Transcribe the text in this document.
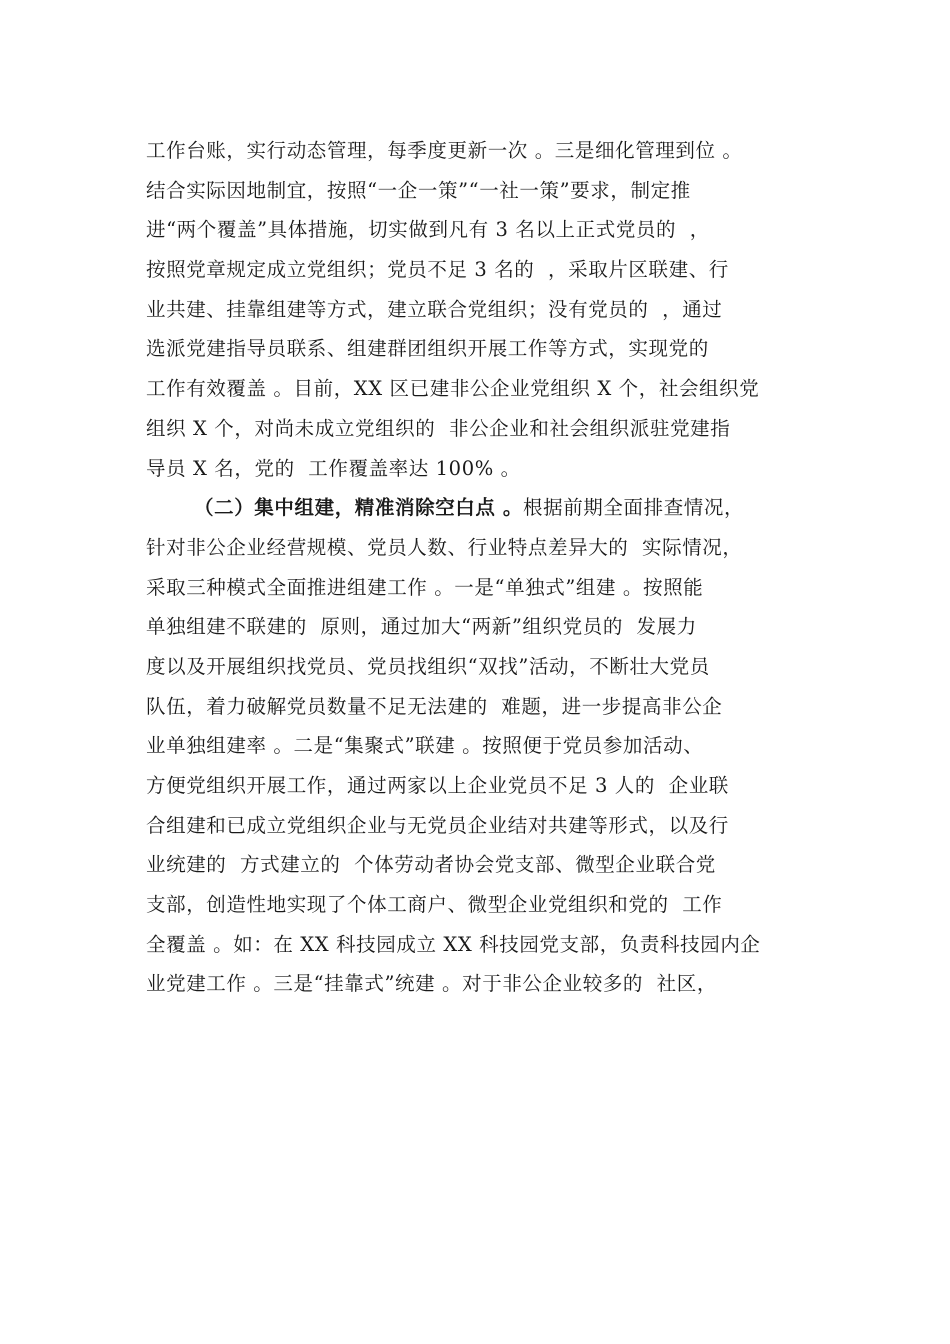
工作台账，实行动态管理，每季度更新一次 。三是细化管理到位 。
结合实际因地制宜，按照“一企一策”“一社一策”要求，制定推
进“两个覆盖”具体措施，切实做到凡有 3 名以上正式党员的  ，
按照党章规定成立党组织；党员不足 3 名的  ，采取片区联建、行
业共建、挂靠组建等方式，建立联合党组织；没有党员的  ，通过
选派党建指导员联系、组建群团组织开展工作等方式，实现党的
工作有效覆盖 。目前，XX 区已建非公企业党组织 X 个，社会组织党
组织 X 个，对尚未成立党组织的  非公企业和社会组织派驻党建指
导员 X 名，党的  工作覆盖率达 100% 。
（二）集中组建，精准消除空白点 。根据前期全面排查情况，
针对非公企业经营规模、党员人数、行业特点差异大的  实际情况，
采取三种模式全面推进组建工作 。一是“单独式”组建 。按照能
单独组建不联建的  原则，通过加大“两新”组织党员的  发展力
度以及开展组织找党员、党员找组织“双找”活动，不断壮大党员
队伍，着力破解党员数量不足无法建的  难题，进一步提高非公企
业单独组建率 。二是“集聚式”联建 。按照便于党员参加活动、
方便党组织开展工作，通过两家以上企业党员不足 3 人的  企业联
合组建和已成立党组织企业与无党员企业结对共建等形式，以及行
业统建的  方式建立的  个体劳动者协会党支部、微型企业联合党
支部，创造性地实现了个体工商户、微型企业党组织和党的  工作
全覆盖 。如：在 XX 科技园成立 XX 科技园党支部，负责科技园内企
业党建工作 。三是“挂靠式”统建 。对于非公企业较多的  社区，
